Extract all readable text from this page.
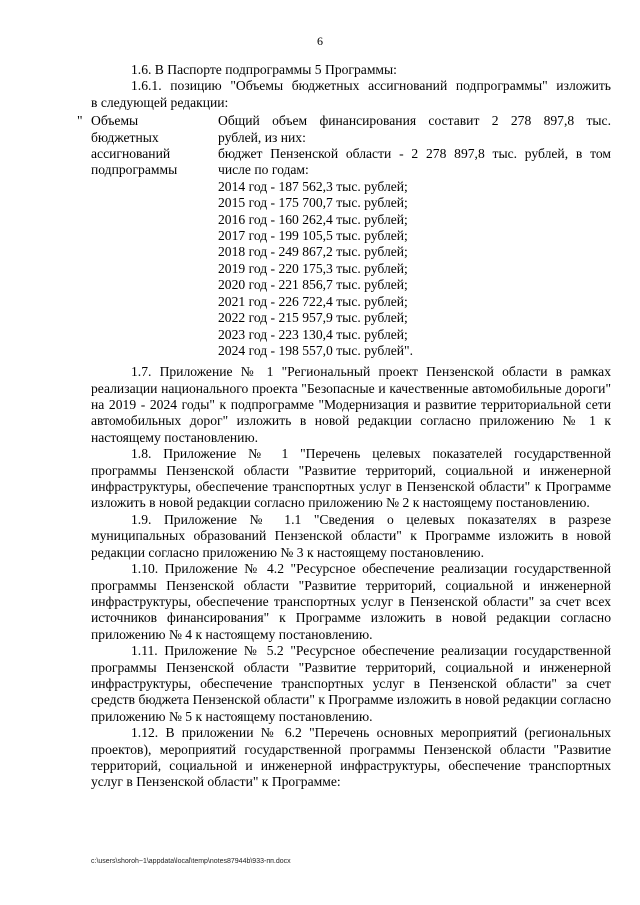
6

1.6. В Паспорте подпрограммы 5 Программы:

1.6.1. позицию "Объемы бюджетных ассигнований подпрограммы" изложить

в следующей редакции:

" Объемы
бюджетных
ассигнований
подпрограммы
Общий объем финансирования составит 2 278 897,8 тыс.
рублей, из них:
бюджет Пензенской области - 2 278 897,8 тыс. рублей, в том
числе по годам:
2014 год - 187 562,3 тыс. рублей;
2015 год - 175 700,7 тыс. рублей;
2016 год - 160 262,4 тыс. рублей;
2017 год - 199 105,5 тыс. рублей;
2018 год - 249 867,2 тыс. рублей;
2019 год - 220 175,3 тыс. рублей;
2020 год - 221 856,7 тыс. рублей;
2021 год - 226 722,4 тыс. рублей;
2022 год - 215 957,9 тыс. рублей;
2023 год - 223 130,4 тыс. рублей;
2024 год - 198 557,0 тыс. рублей".

1.7. Приложение № 1 "Региональный проект Пензенской области в рамках реализации национального проекта "Безопасные и качественные автомобильные дороги" на 2019 - 2024 годы" к подпрограмме "Модернизация и развитие территориальной сети автомобильных дорог" изложить в новой редакции согласно приложению № 1 к настоящему постановлению.

1.8. Приложение № 1 "Перечень целевых показателей государственной программы Пензенской области "Развитие территорий, социальной и инженерной инфраструктуры, обеспечение транспортных услуг в Пензенской области" к Программе изложить в новой редакции согласно приложению № 2 к настоящему постановлению.

1.9. Приложение № 1.1 "Сведения о целевых показателях в разрезе муниципальных образований Пензенской области" к Программе изложить в новой редакции согласно приложению № 3 к настоящему постановлению.

1.10. Приложение № 4.2 "Ресурсное обеспечение реализации государственной программы Пензенской области "Развитие территорий, социальной и инженерной инфраструктуры, обеспечение транспортных услуг в Пензенской области" за счет всех источников финансирования" к Программе изложить в новой редакции согласно приложению № 4 к настоящему постановлению.

1.11. Приложение № 5.2 "Ресурсное обеспечение реализации государственной программы Пензенской области "Развитие территорий, социальной и инженерной инфраструктуры, обеспечение транспортных услуг в Пензенской области" за счет средств бюджета Пензенской области" к Программе изложить в новой редакции согласно приложению № 5 к настоящему постановлению.

1.12. В приложении № 6.2 "Перечень основных мероприятий (региональных проектов), мероприятий государственной программы Пензенской области "Развитие территорий, социальной и инженерной инфраструктуры, обеспечение транспортных услуг в Пензенской области" к Программе:

c:\users\shoroh~1\appdata\local\temp\notes87944b\933-пп.docx
